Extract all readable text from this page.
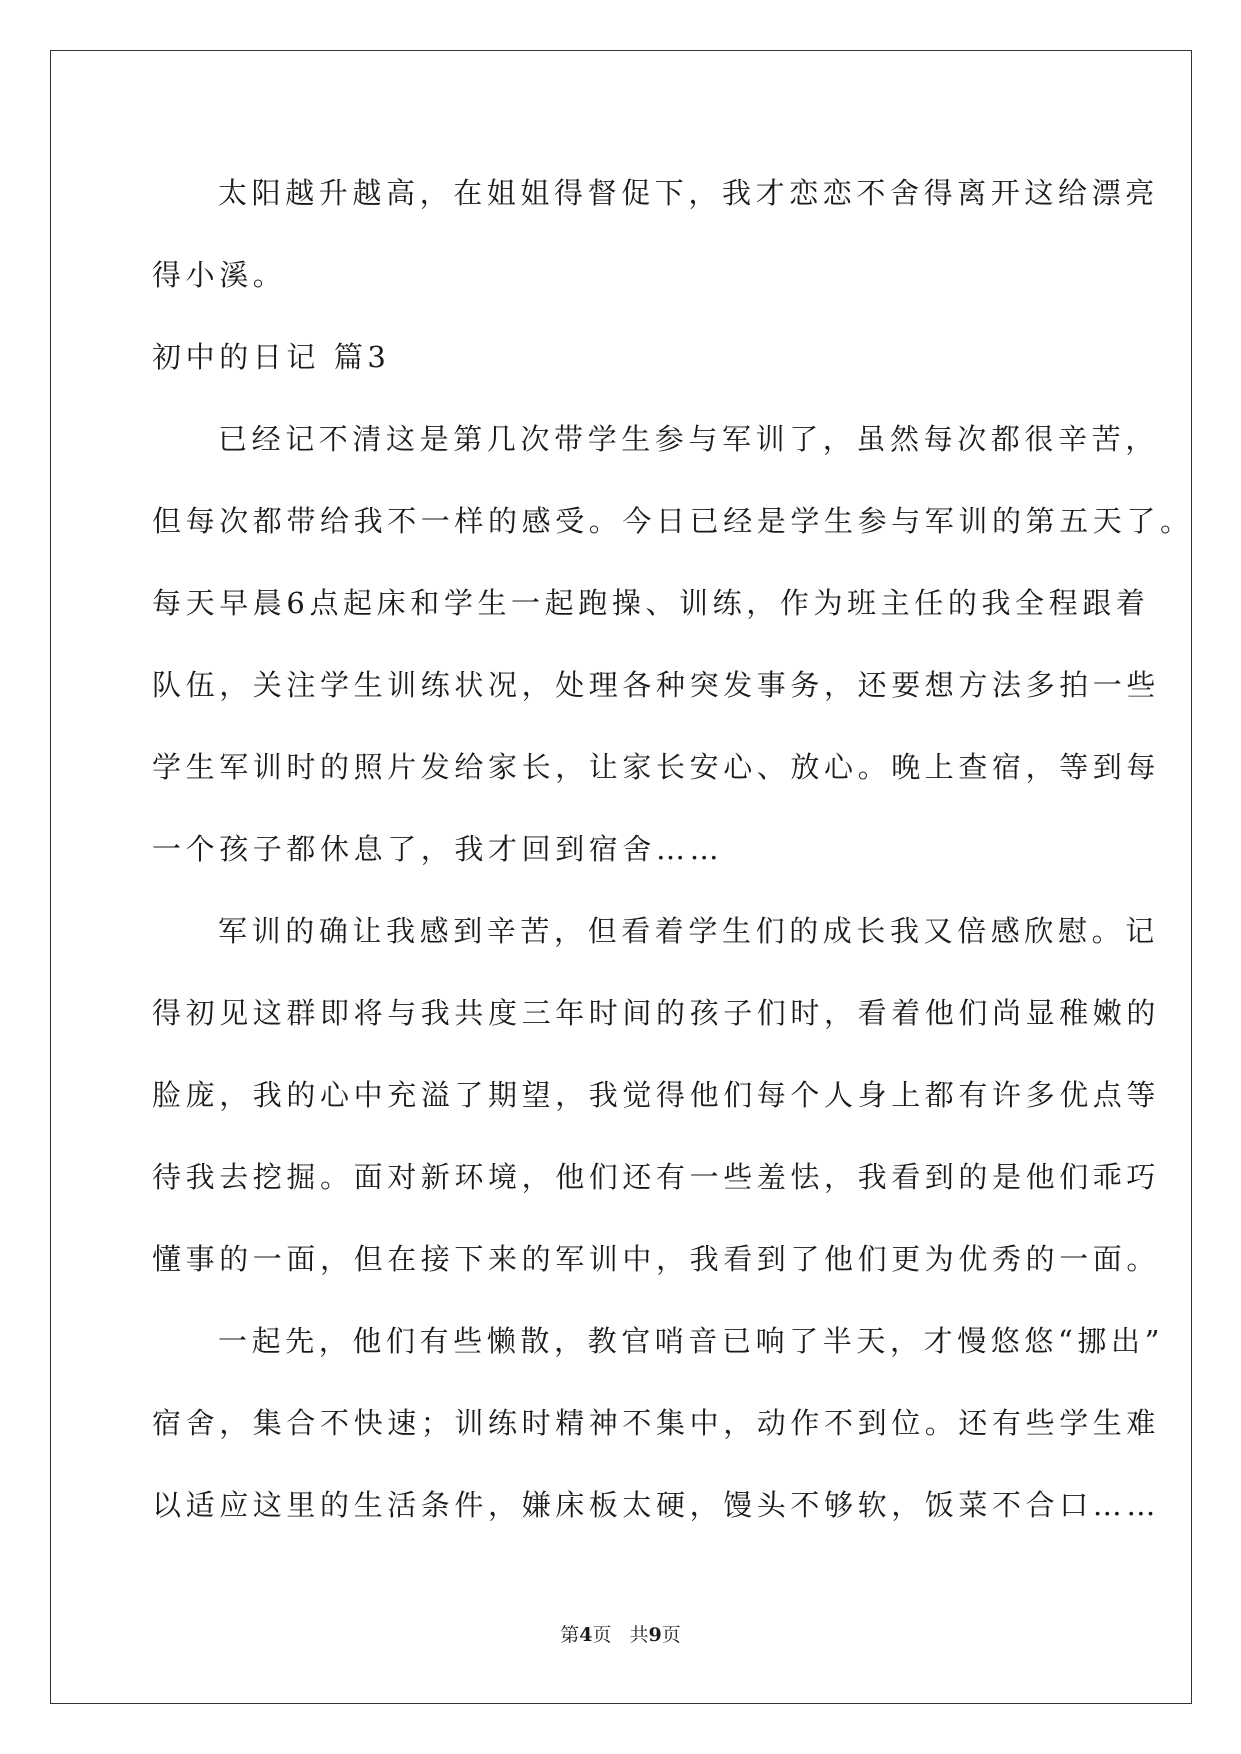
太阳越升越高，在姐姐得督促下，我才恋恋不舍得离开这给漂亮
得小溪。
初中的日记 篇3
已经记不清这是第几次带学生参与军训了，虽然每次都很辛苦，
但每次都带给我不一样的感受。今日已经是学生参与军训的第五天了。
每天早晨6点起床和学生一起跑操、训练，作为班主任的我全程跟着
队伍，关注学生训练状况，处理各种突发事务，还要想方法多拍一些
学生军训时的照片发给家长，让家长安心、放心。晚上查宿，等到每
一个孩子都休息了，我才回到宿舍……
军训的确让我感到辛苦，但看着学生们的成长我又倍感欣慰。记
得初见这群即将与我共度三年时间的孩子们时，看着他们尚显稚嫩的
脸庞，我的心中充溢了期望，我觉得他们每个人身上都有许多优点等
待我去挖掘。面对新环境，他们还有一些羞怯，我看到的是他们乖巧
懂事的一面，但在接下来的军训中，我看到了他们更为优秀的一面。
一起先，他们有些懒散，教官哨音已响了半天，才慢悠悠“挪出”
宿舍，集合不快速；训练时精神不集中，动作不到位。还有些学生难
以适应这里的生活条件，嫌床板太硬，馒头不够软，饭菜不合口……
第4页 共9页
